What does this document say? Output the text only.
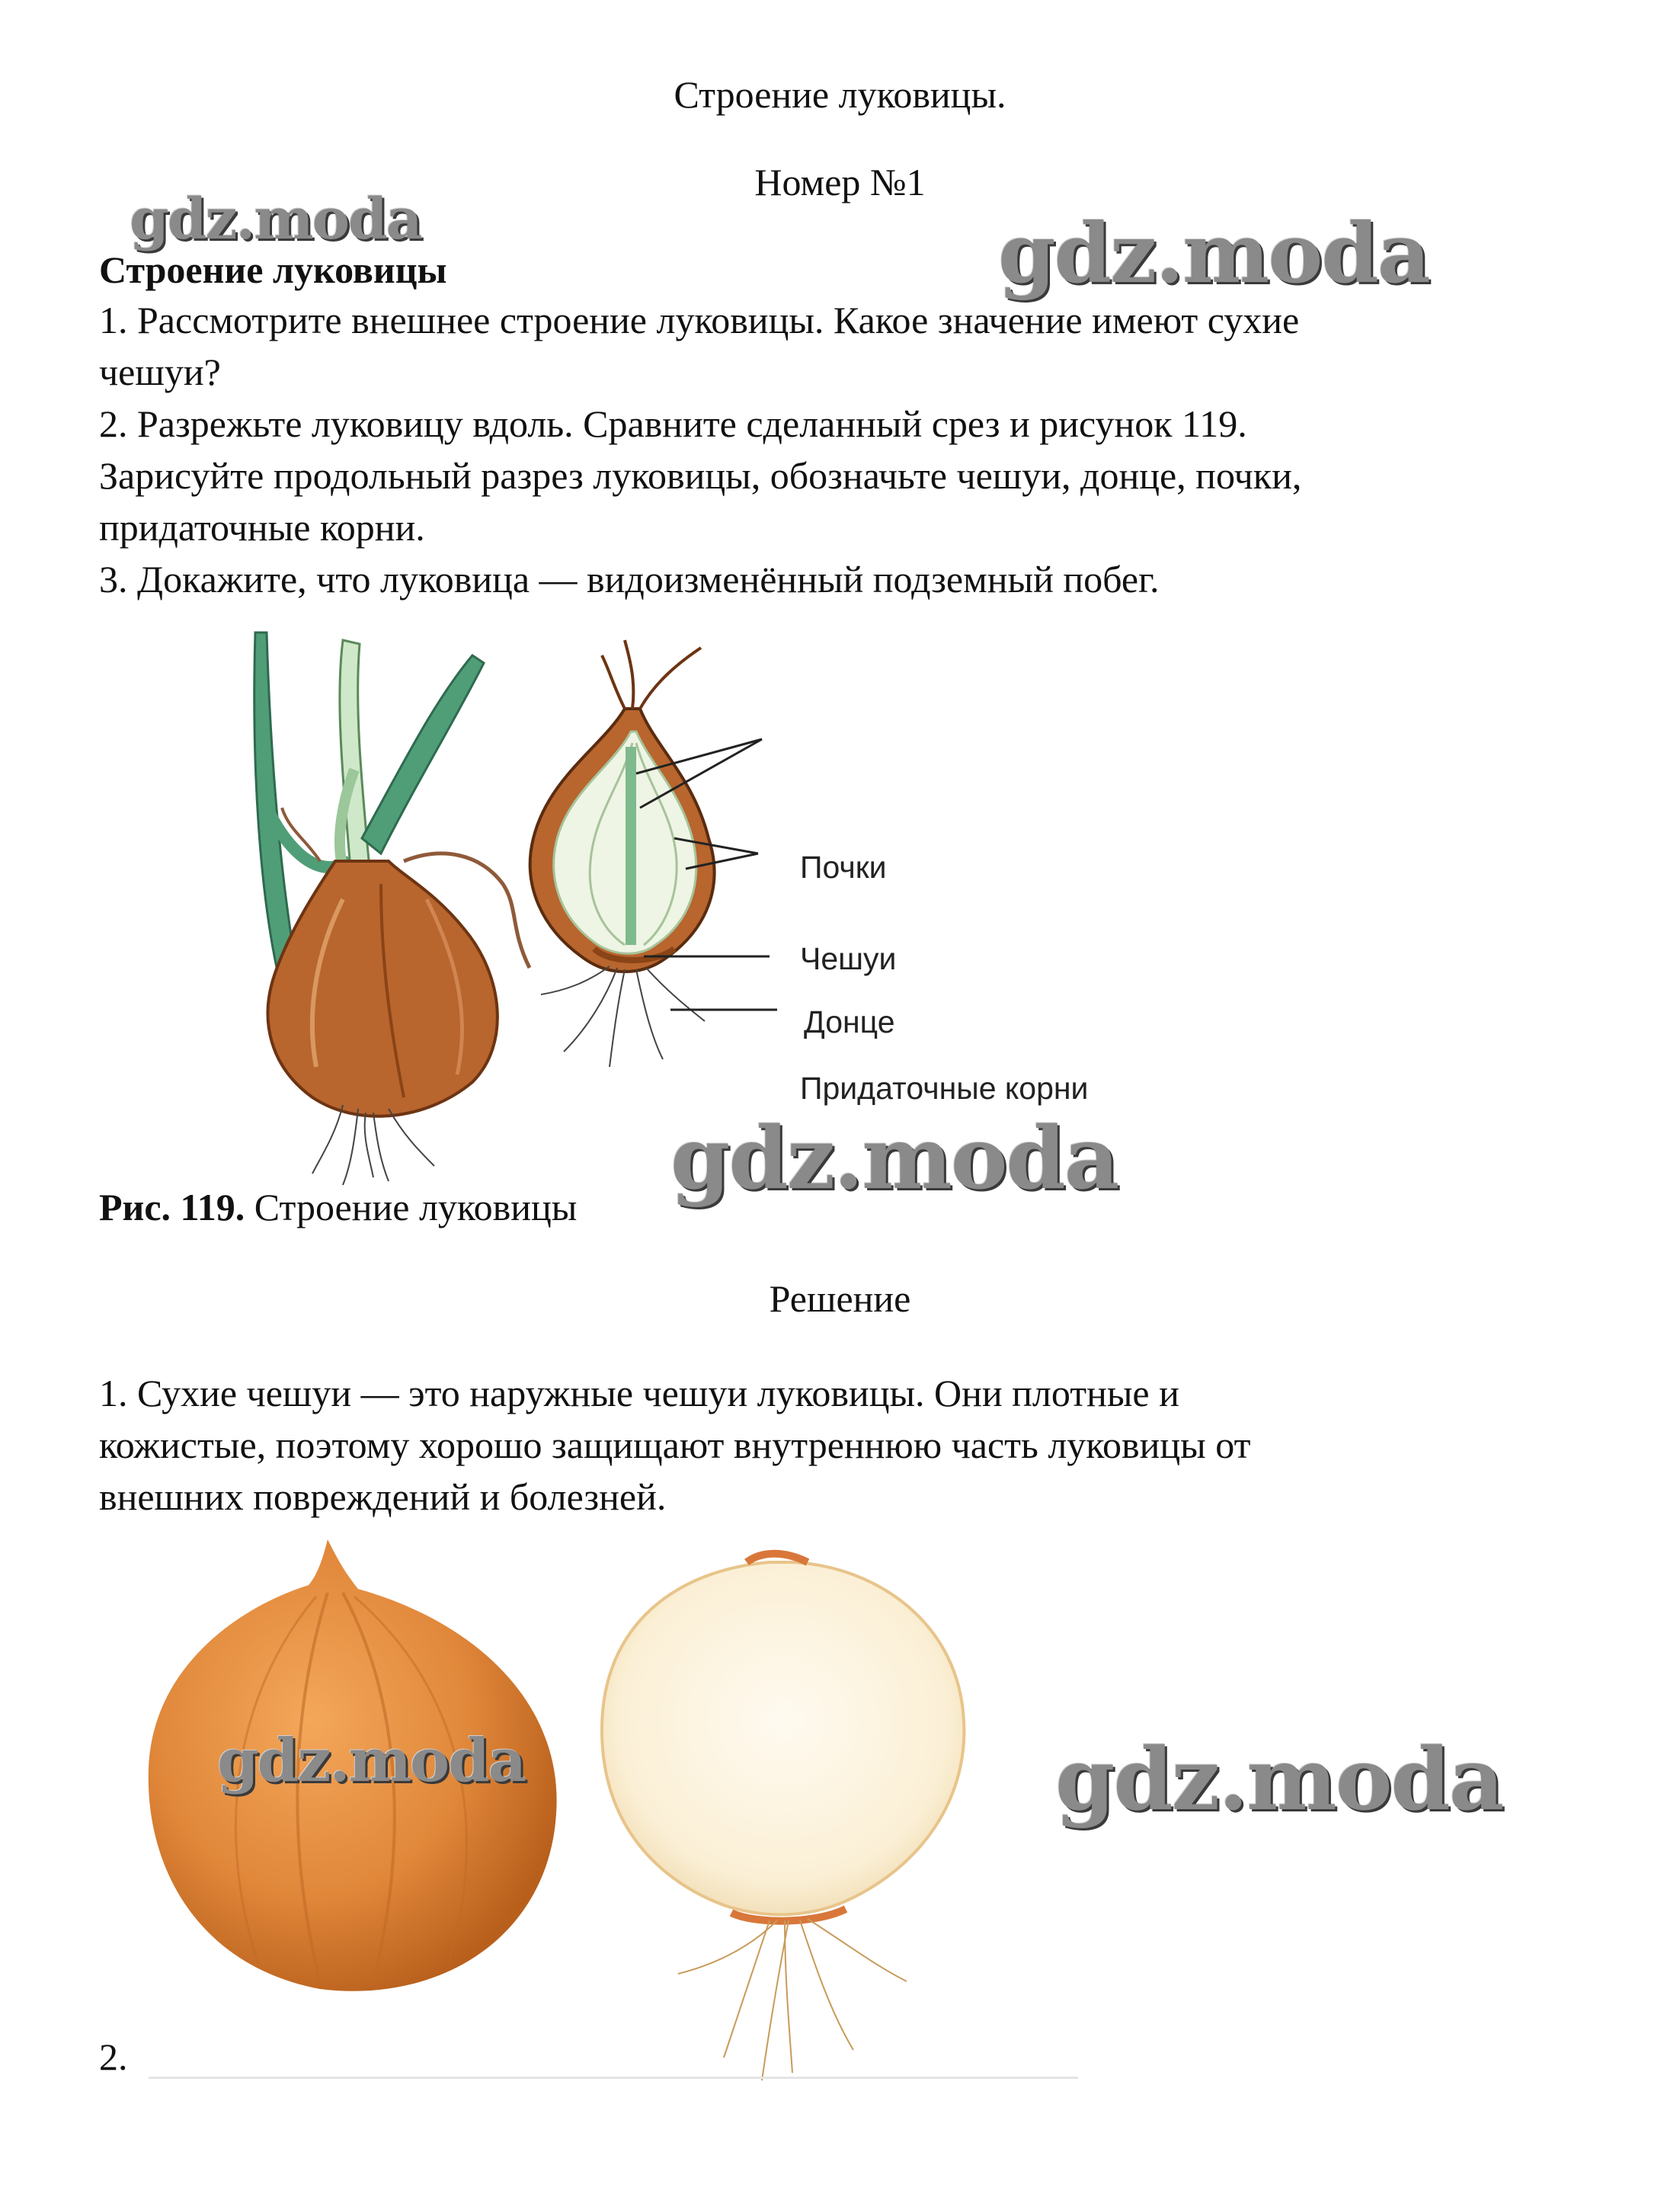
Строение луковицы.
Номер №1
gdz.moda	gdz.moda
Строение луковицы
1. Рассмотрите внешнее строение луковицы. Какое значение имеют сухие
чешуи?
2. Разрежьте луковицу вдоль. Сравните сделанный срез и рисунок 119.
Зарисуйте продольный разрез луковицы, обозначьте чешуи, донце, почки,
придаточные корни.
3. Докажите, что луковица — видоизменённый подземный побег.
Почки
Чешуи
Донце
Придаточные корни
gdz.moda
Рис. 119. Строение луковицы
Решение
1. Сухие чешуи — это наружные чешуи луковицы. Они плотные и
кожистые, поэтому хорошо защищают внутреннюю часть луковицы от
внешних повреждений и болезней.
gdz.moda	gdz.moda
2.
